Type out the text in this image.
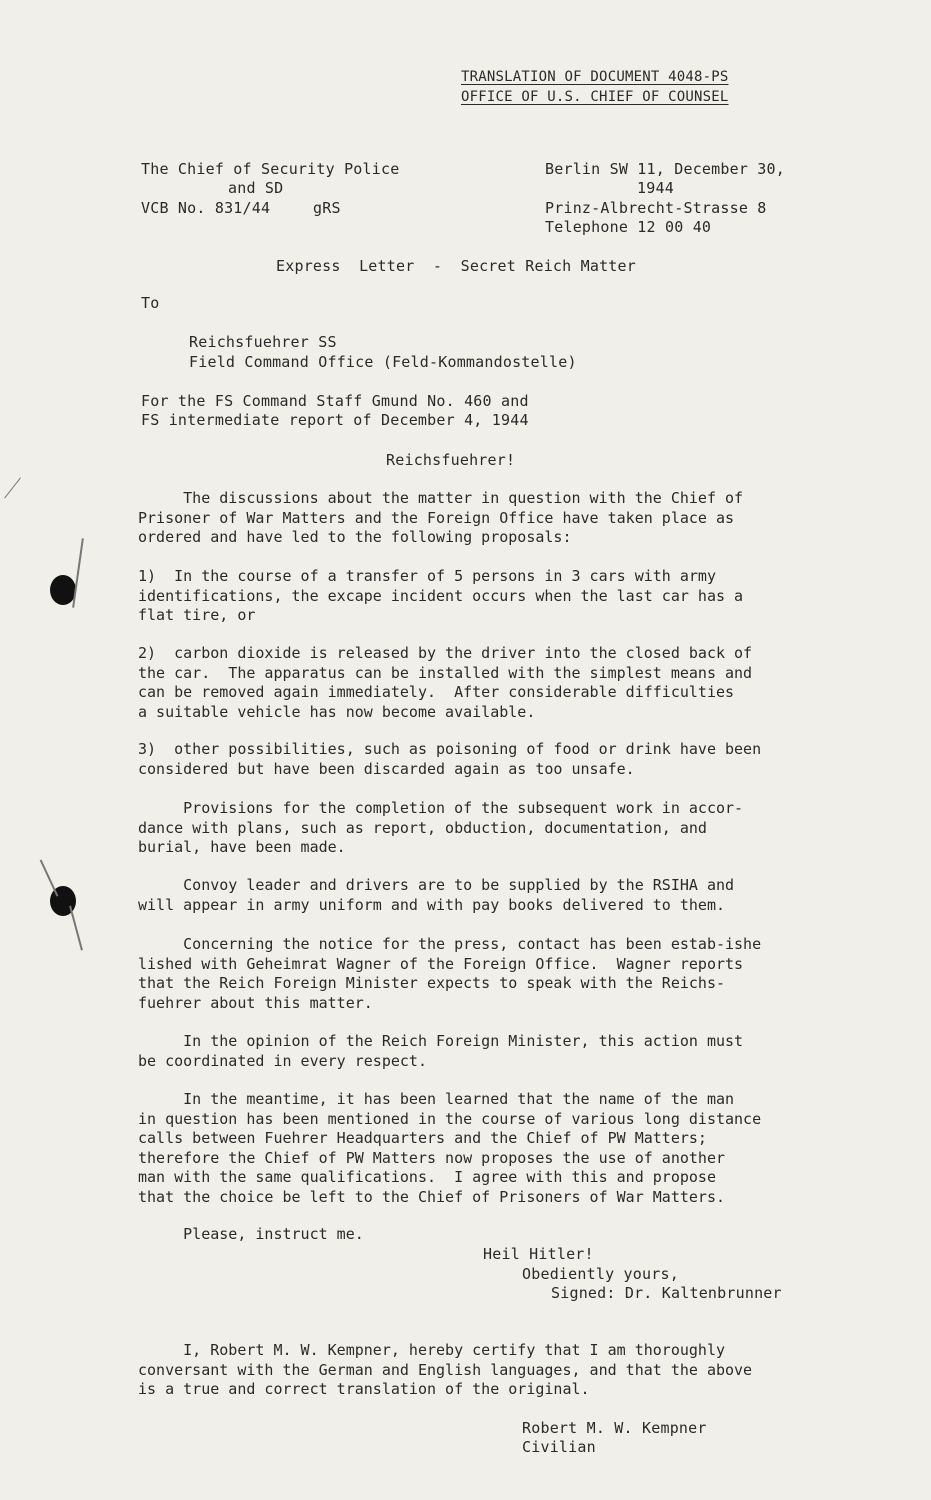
TRANSLATION OF DOCUMENT 4048-PS
OFFICE OF U.S. CHIEF OF COUNSEL
The Chief of Security Police
and SD
VCB No. 831/44	gRS
Berlin SW 11, December 30,
1944
Prinz-Albrecht-Strasse 8
Telephone 12 00 40
Express  Letter  -  Secret Reich Matter
To
Reichsfuehrer SS
Field Command Office (Feld-Kommandostelle)
For the FS Command Staff Gmund No. 460 and
FS intermediate report of December 4, 1944
Reichsfuehrer!
The discussions about the matter in question with the Chief of
Prisoner of War Matters and the Foreign Office have taken place as
ordered and have led to the following proposals:
1)  In the course of a transfer of 5 persons in 3 cars with army
identifications, the excape incident occurs when the last car has a
flat tire, or
2)  carbon dioxide is released by the driver into the closed back of
the car.  The apparatus can be installed with the simplest means and
can be removed again immediately.  After considerable difficulties
a suitable vehicle has now become available.
3)  other possibilities, such as poisoning of food or drink have been
considered but have been discarded again as too unsafe.
Provisions for the completion of the subsequent work in accor-
dance with plans, such as report, obduction, documentation, and
burial, have been made.
Convoy leader and drivers are to be supplied by the RSIHA and
will appear in army uniform and with pay books delivered to them.
Concerning the notice for the press, contact has been estab-ishe
lished with Geheimrat Wagner of the Foreign Office.  Wagner reports
that the Reich Foreign Minister expects to speak with the Reichs-
fuehrer about this matter.
In the opinion of the Reich Foreign Minister, this action must
be coordinated in every respect.
In the meantime, it has been learned that the name of the man
in question has been mentioned in the course of various long distance
calls between Fuehrer Headquarters and the Chief of PW Matters;
therefore the Chief of PW Matters now proposes the use of another
man with the same qualifications.  I agree with this and propose
that the choice be left to the Chief of Prisoners of War Matters.
Please, instruct me.
Heil Hitler!
Obediently yours,
Signed: Dr. Kaltenbrunner
I, Robert M. W. Kempner, hereby certify that I am thoroughly
conversant with the German and English languages, and that the above
is a true and correct translation of the original.
Robert M. W. Kempner
Civilian
